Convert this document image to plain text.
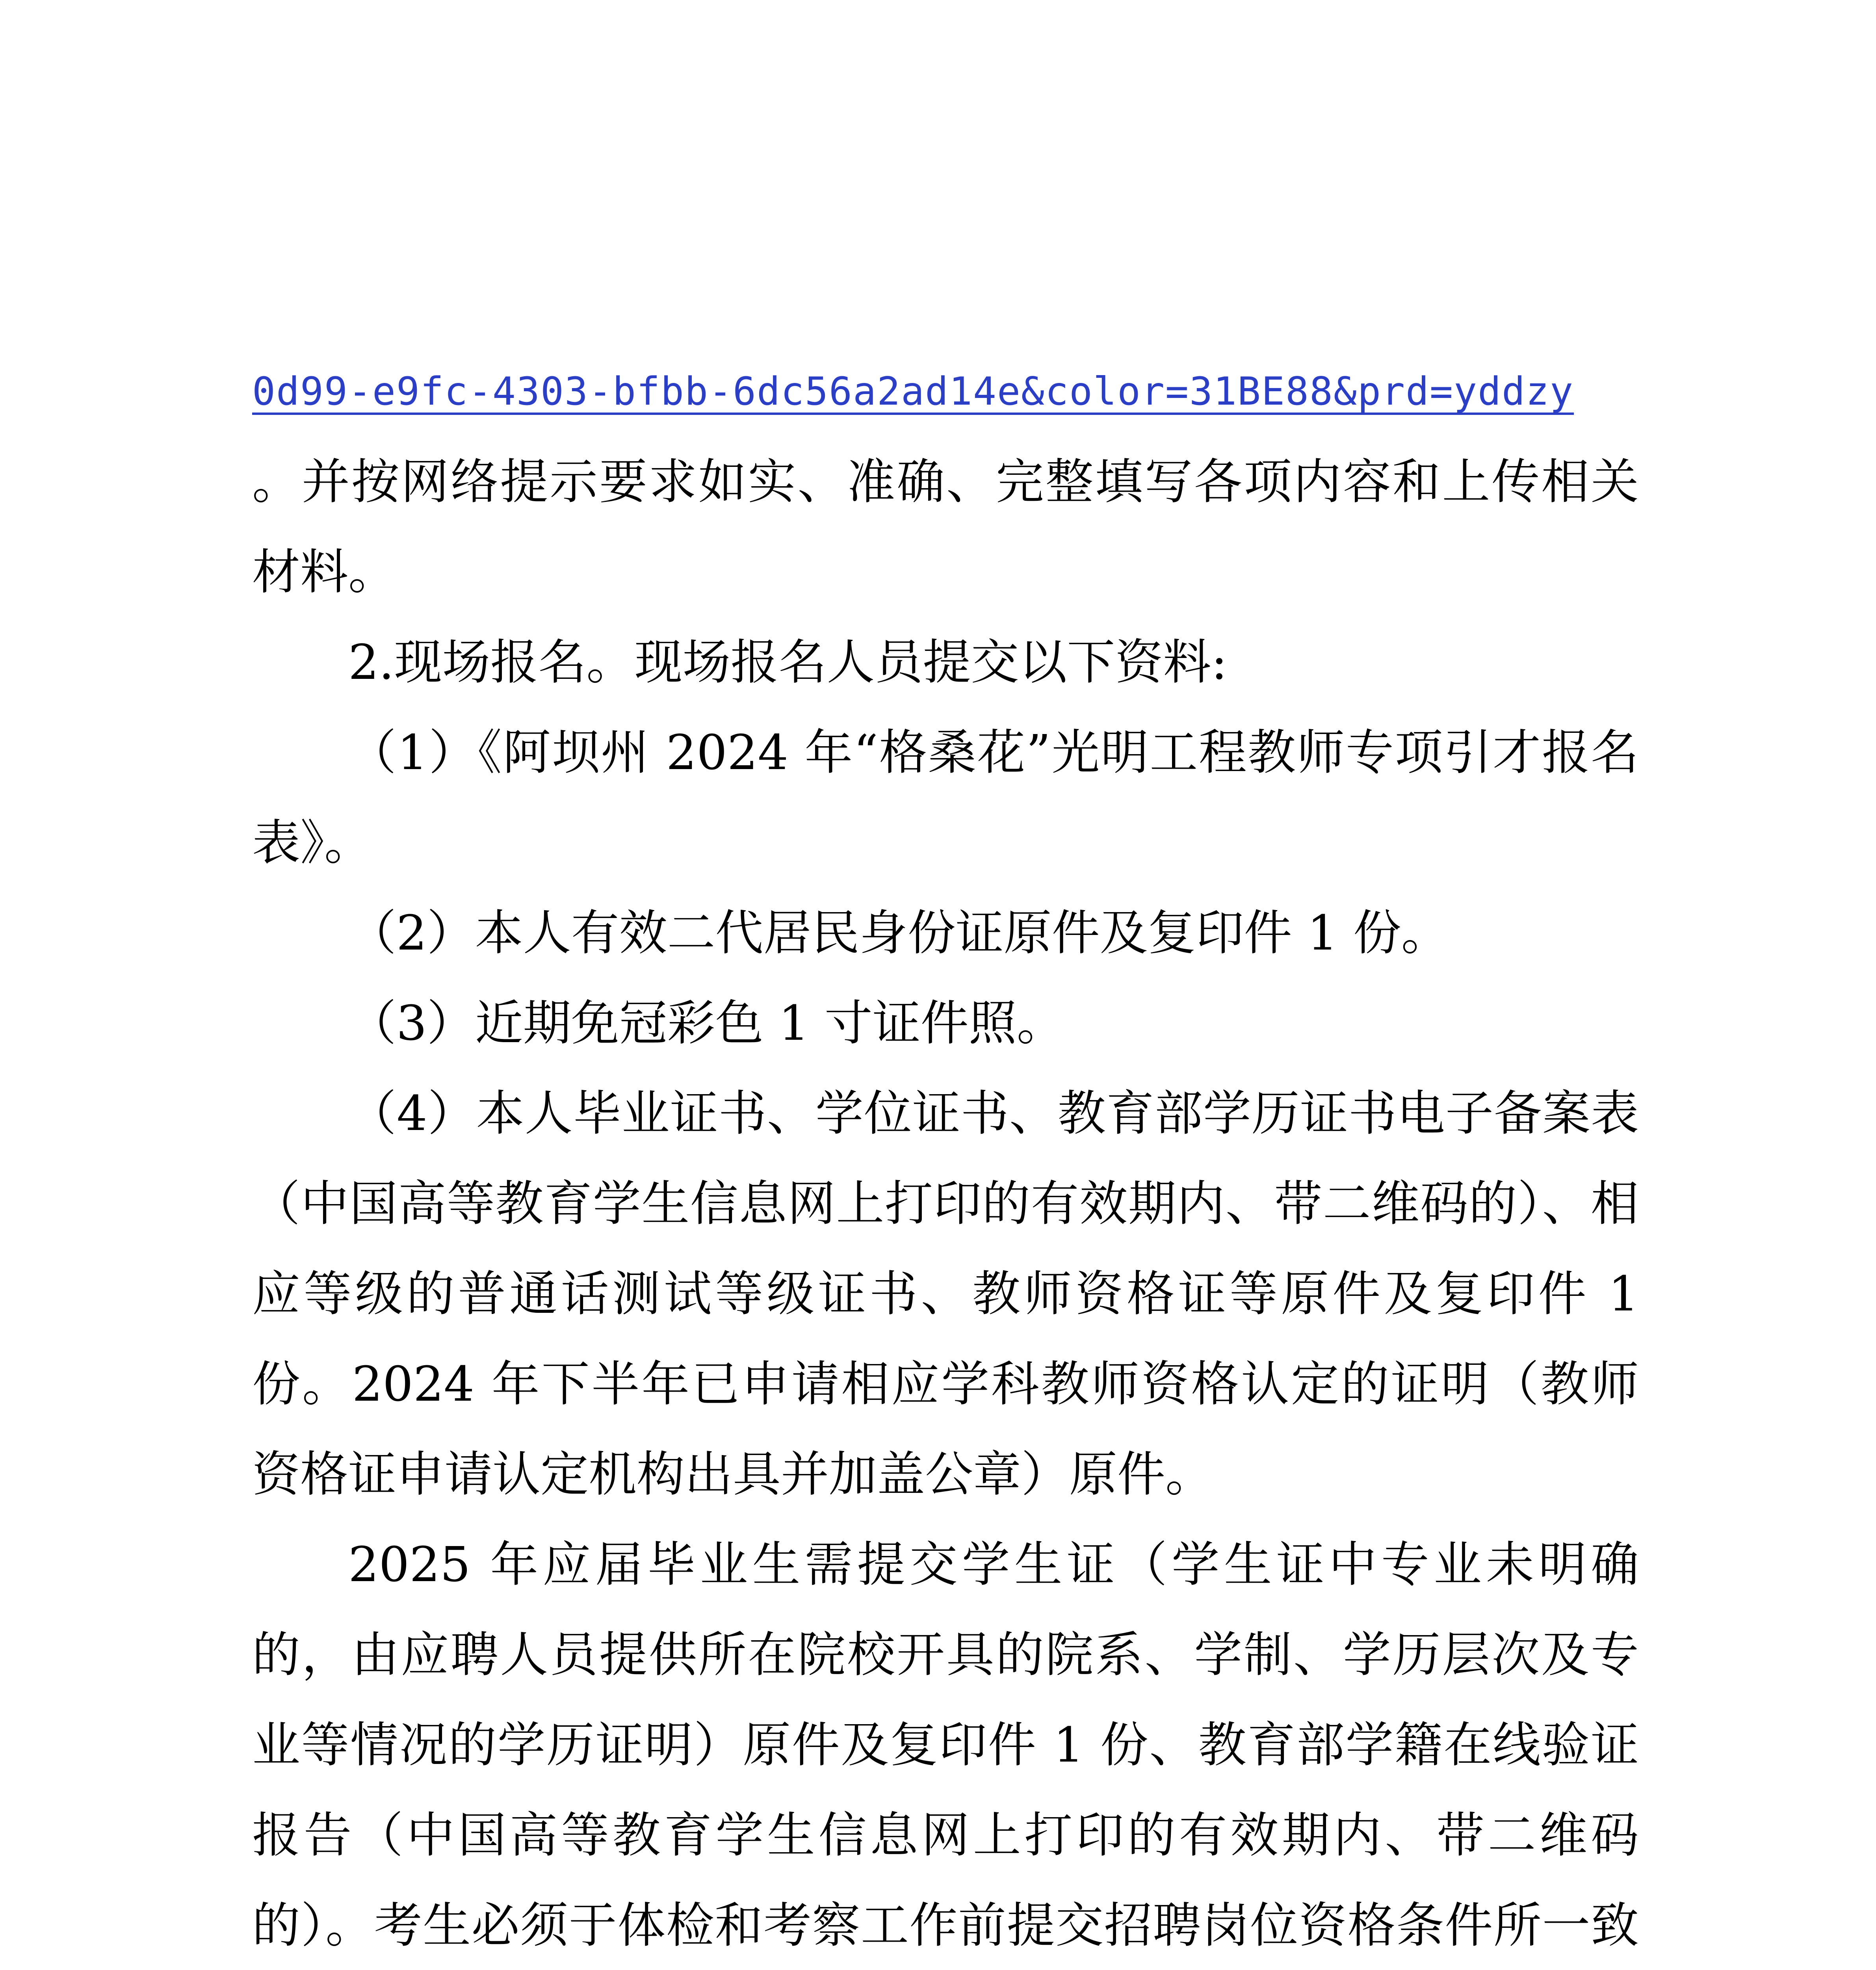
0d99-e9fc-4303-bfbb-6dc56a2ad14e&color=31BE88&prd=yddzy

。并按网络提示要求如实、准确、完整填写各项内容和上传相关材料。

2.现场报名。现场报名人员提交以下资料:

（1）《阿坝州 2024 年“格桑花”光明工程教师专项引才报名表》。

（2）本人有效二代居民身份证原件及复印件 1 份。

（3）近期免冠彩色 1 寸证件照。

（4）本人毕业证书、学位证书、教育部学历证书电子备案表（中国高等教育学生信息网上打印的有效期内、带二维码的）、相应等级的普通话测试等级证书、教师资格证等原件及复印件 1 份。2024 年下半年已申请相应学科教师资格认定的证明（教师资格证申请认定机构出具并加盖公章）原件。

2025 年应届毕业生需提交学生证（学生证中专业未明确的，由应聘人员提供所在院校开具的院系、学制、学历层次及专业等情况的学历证明）原件及复印件 1 份、教育部学籍在线验证报告（中国高等教育学生信息网上打印的有效期内、带二维码的）。考生必须于体检和考察工作前提交招聘岗位资格条件所一致
